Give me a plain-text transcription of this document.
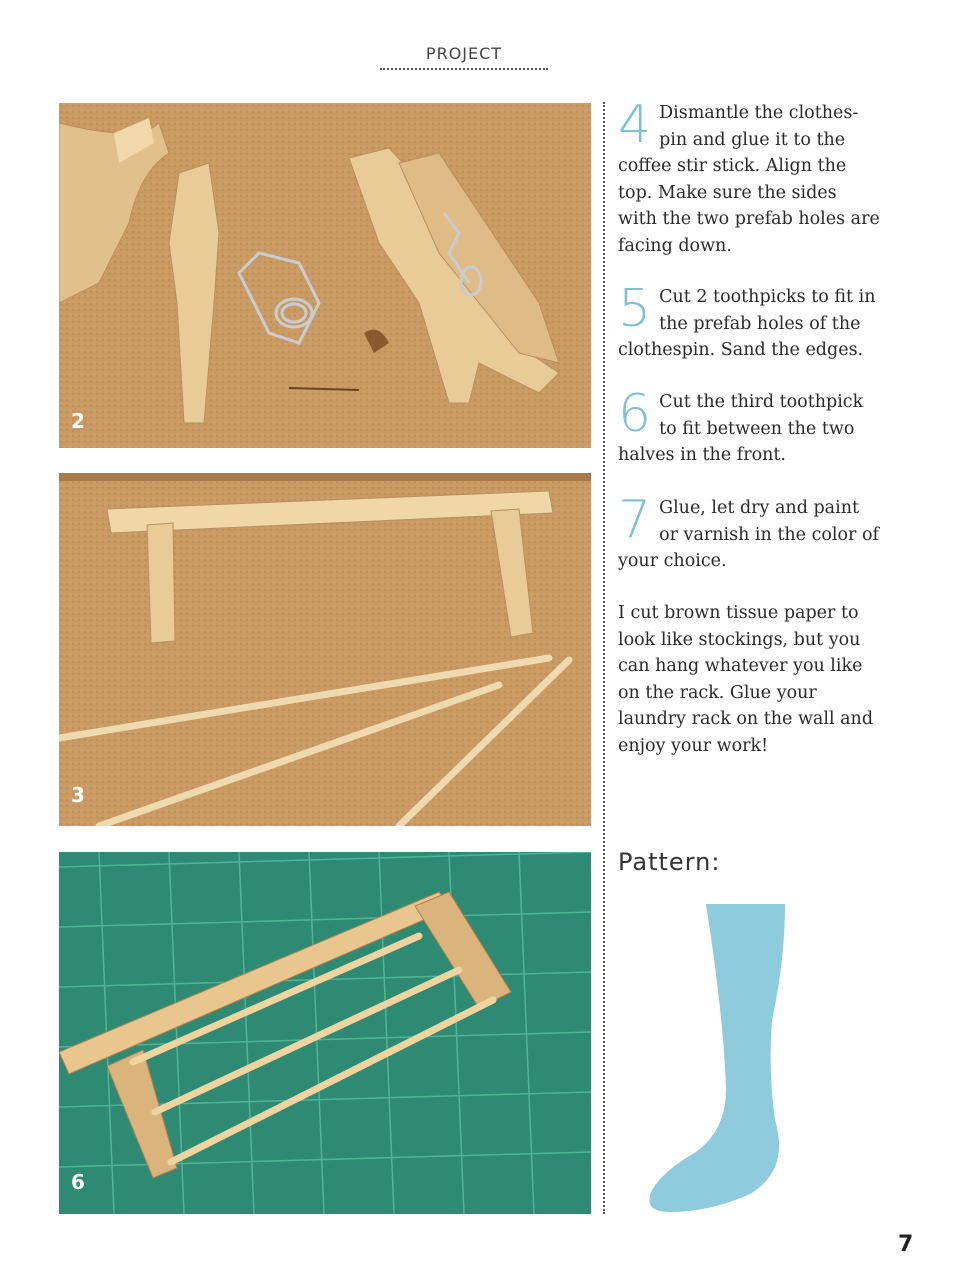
PROJECT
2
3
6
4 Dismantle the clothes-pin and glue it to the coffee stir stick. Align the top. Make sure the sides with the two prefab holes are facing down.

5 Cut 2 toothpicks to fit in the prefab holes of the clothespin. Sand the edges.

6 Cut the third toothpick to fit between the two halves in the front.

7 Glue, let dry and paint or varnish in the color of your choice.

I cut brown tissue paper to look like stockings, but you can hang whatever you like on the rack. Glue your laundry rack on the wall and enjoy your work!
Pattern:
7
